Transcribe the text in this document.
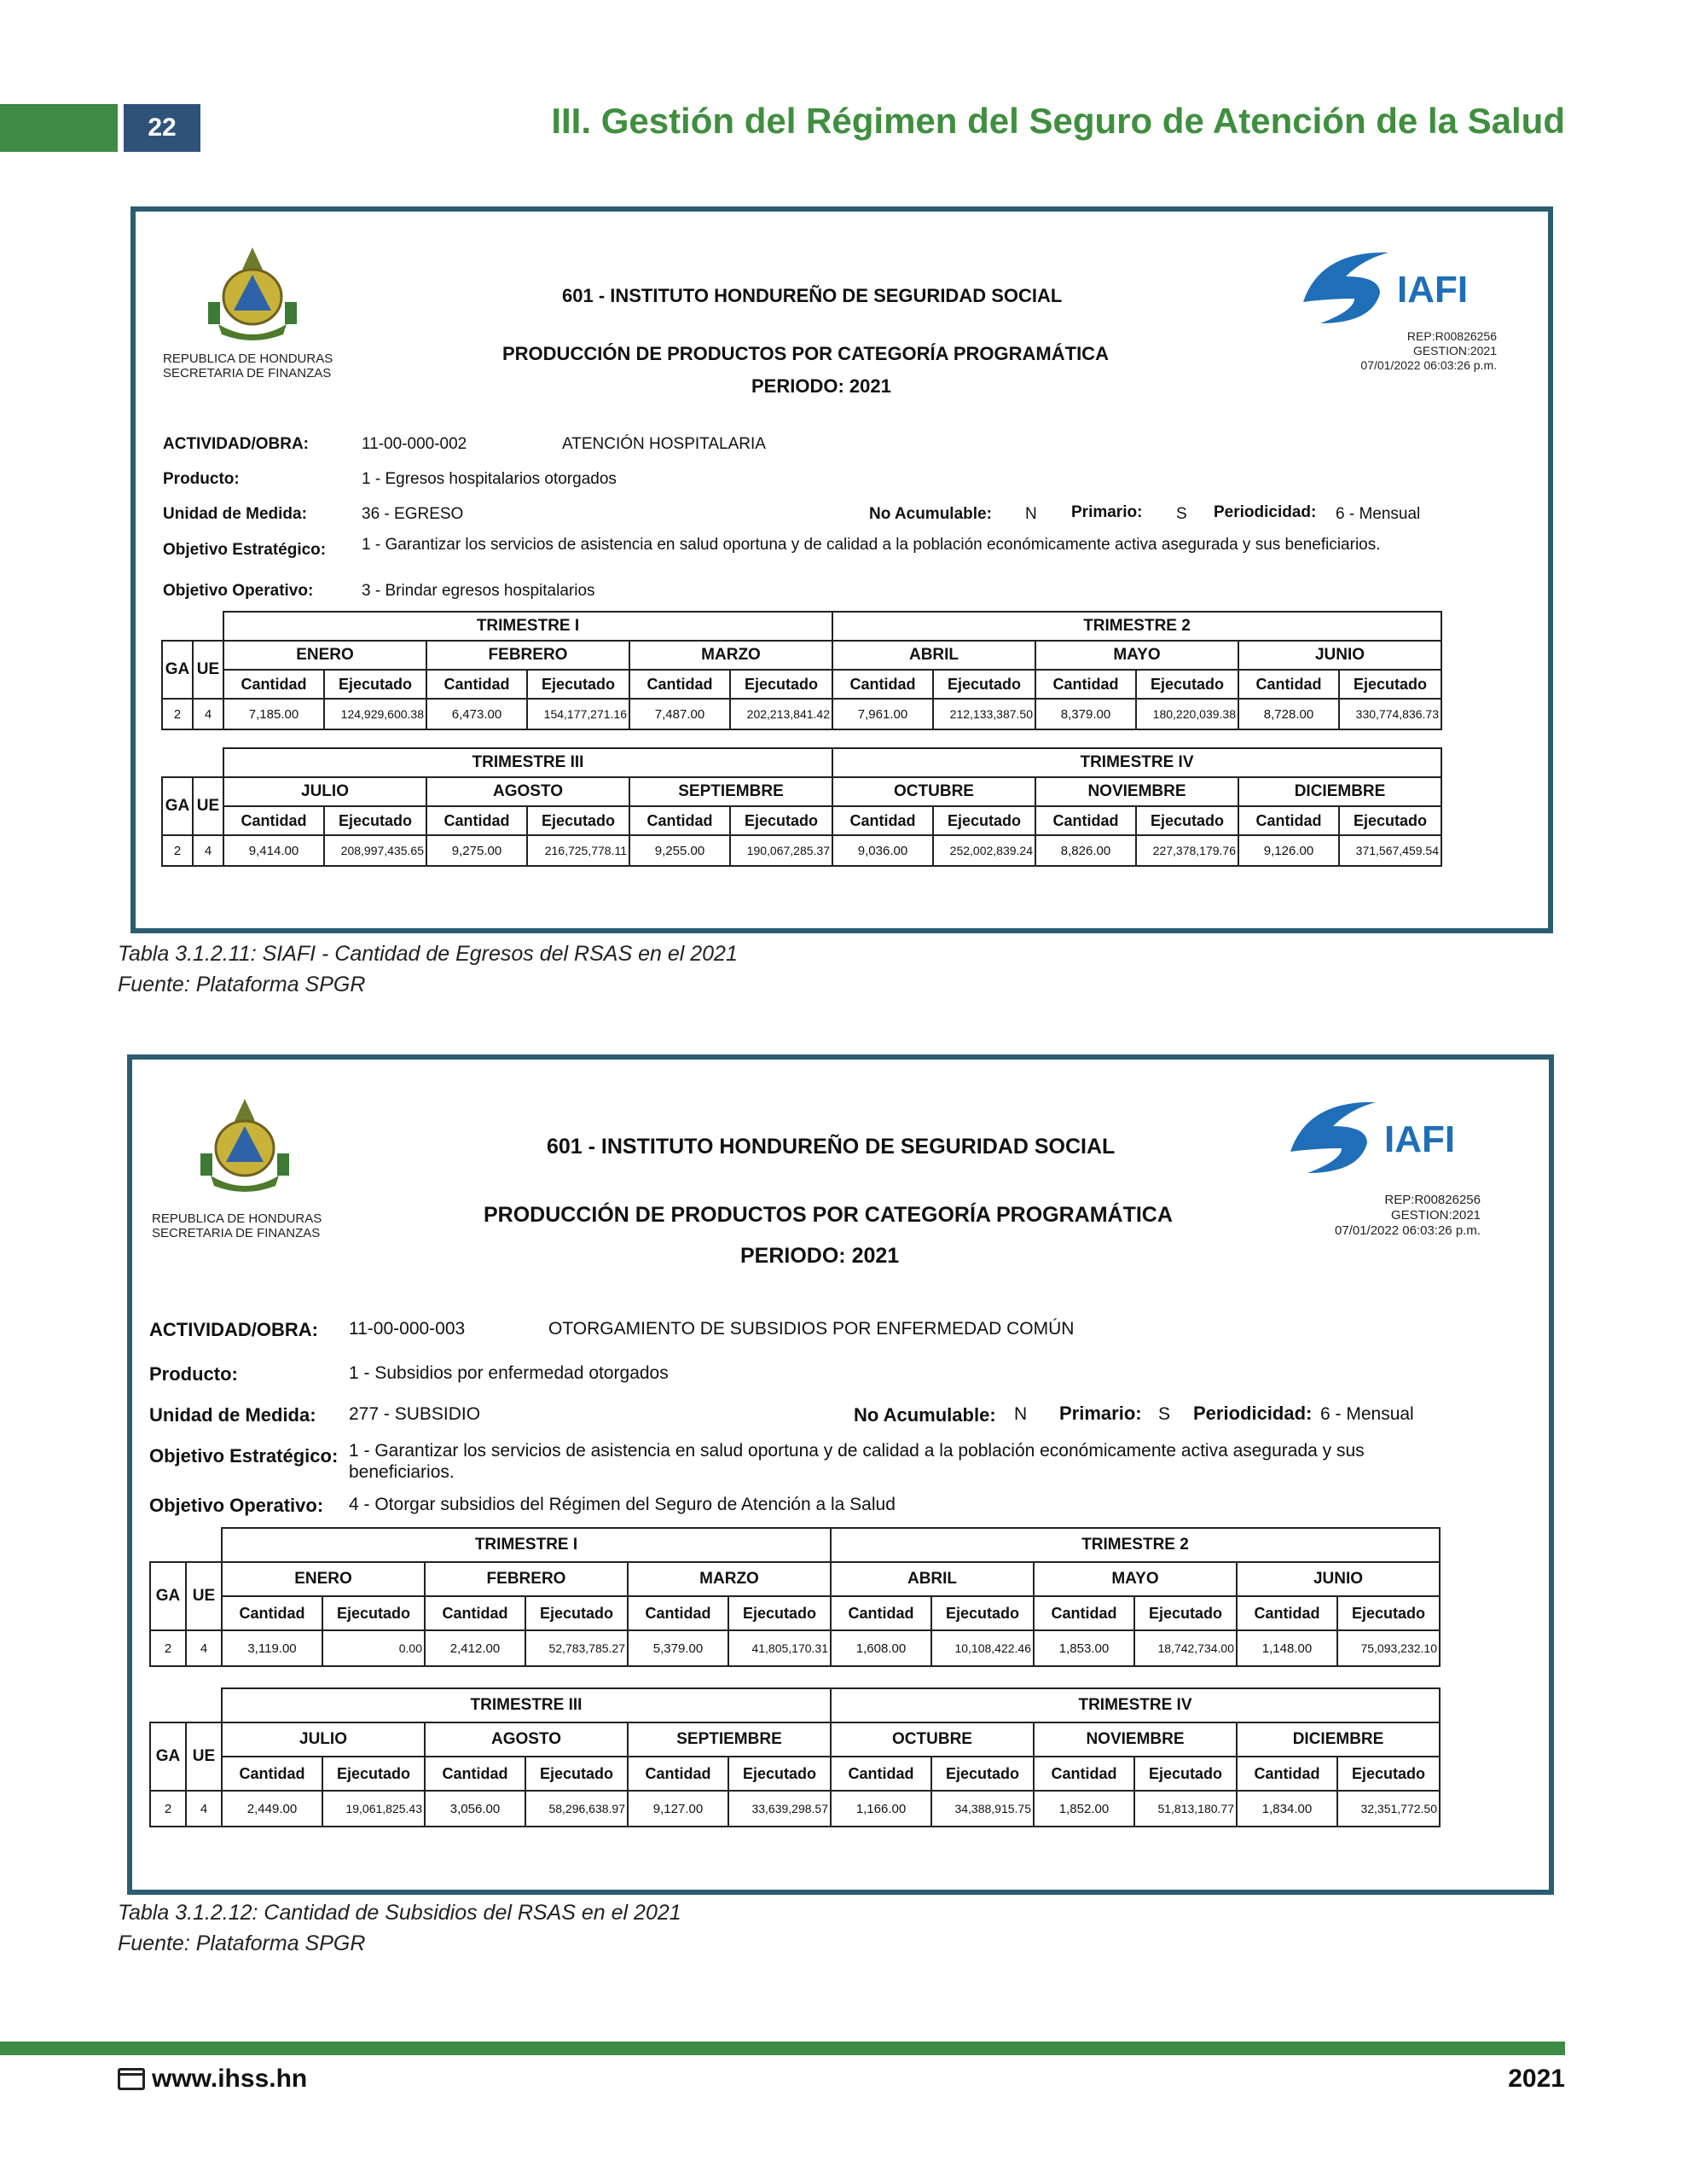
22	III. Gestión del Régimen del Seguro de Atención de la Salud
REPUBLICA DE HONDURAS
SECRETARIA DE FINANZAS
601 - INSTITUTO HONDUREÑO DE SEGURIDAD SOCIAL
PRODUCCIÓN DE PRODUCTOS POR CATEGORÍA PROGRAMÁTICA
PERIODO: 2021
IAFI
REP:R00826256
GESTION:2021
07/01/2022 06:03:26 p.m.
ACTIVIDAD/OBRA:	11-00-000-002	ATENCIÓN HOSPITALARIA
Producto:	1 - Egresos hospitalarios otorgados
Unidad de Medida:	36 - EGRESO	No Acumulable: N Primario: S Periodicidad: 6 - Mensual
Objetivo Estratégico: 1 - Garantizar los servicios de asistencia en salud oportuna y de calidad a la población económicamente activa asegurada y sus beneficiarios.
Objetivo Operativo:	3 - Brindar egresos hospitalarios
		TRIMESTRE I						TRIMESTRE 2					
GA	UE	ENERO		FEBRERO		MARZO		ABRIL		MAYO		JUNIO	
		Cantidad	Ejecutado	Cantidad	Ejecutado	Cantidad	Ejecutado	Cantidad	Ejecutado	Cantidad	Ejecutado	Cantidad	Ejecutado
2	4	7,185.00	124,929,600.38	6,473.00	154,177,271.16	7,487.00	202,213,841.42	7,961.00	212,133,387.50	8,379.00	180,220,039.38	8,728.00	330,774,836.73
		TRIMESTRE III						TRIMESTRE IV					
GA	UE	JULIO		AGOSTO		SEPTIEMBRE		OCTUBRE		NOVIEMBRE		DICIEMBRE	
		Cantidad	Ejecutado	Cantidad	Ejecutado	Cantidad	Ejecutado	Cantidad	Ejecutado	Cantidad	Ejecutado	Cantidad	Ejecutado
2	4	9,414.00	208,997,435.65	9,275.00	216,725,778.11	9,255.00	190,067,285.37	9,036.00	252,002,839.24	8,826.00	227,378,179.76	9,126.00	371,567,459.54
Tabla 3.1.2.11: SIAFI - Cantidad de Egresos del RSAS en el 2021
Fuente: Plataforma SPGR
REPUBLICA DE HONDURAS
SECRETARIA DE FINANZAS
601 - INSTITUTO HONDUREÑO DE SEGURIDAD SOCIAL
PRODUCCIÓN DE PRODUCTOS POR CATEGORÍA PROGRAMÁTICA
PERIODO: 2021
IAFI
REP:R00826256
GESTION:2021
07/01/2022 06:03:26 p.m.
ACTIVIDAD/OBRA: 11-00-000-003	OTORGAMIENTO DE SUBSIDIOS POR ENFERMEDAD COMÚN
Producto:	1 - Subsidios por enfermedad otorgados
Unidad de Medida: 277 - SUBSIDIO	No Acumulable: N Primario: S Periodicidad: 6 - Mensual
Objetivo Estratégico: 1 - Garantizar los servicios de asistencia en salud oportuna y de calidad a la población económicamente activa asegurada y sus beneficiarios.
Objetivo Operativo: 4 - Otorgar subsidios del Régimen del Seguro de Atención a la Salud
		TRIMESTRE I						TRIMESTRE 2					
GA	UE	ENERO		FEBRERO		MARZO		ABRIL		MAYO		JUNIO	
		Cantidad	Ejecutado	Cantidad	Ejecutado	Cantidad	Ejecutado	Cantidad	Ejecutado	Cantidad	Ejecutado	Cantidad	Ejecutado
2	4	3,119.00	0.00	2,412.00	52,783,785.27	5,379.00	41,805,170.31	1,608.00	10,108,422.46	1,853.00	18,742,734.00	1,148.00	75,093,232.10
		TRIMESTRE III						TRIMESTRE IV					
GA	UE	JULIO		AGOSTO		SEPTIEMBRE		OCTUBRE		NOVIEMBRE		DICIEMBRE	
		Cantidad	Ejecutado	Cantidad	Ejecutado	Cantidad	Ejecutado	Cantidad	Ejecutado	Cantidad	Ejecutado	Cantidad	Ejecutado
2	4	2,449.00	19,061,825.43	3,056.00	58,296,638.97	9,127.00	33,639,298.57	1,166.00	34,388,915.75	1,852.00	51,813,180.77	1,834.00	32,351,772.50
Tabla 3.1.2.12: Cantidad de Subsidios del RSAS en el 2021
Fuente: Plataforma SPGR
www.ihss.hn	2021
